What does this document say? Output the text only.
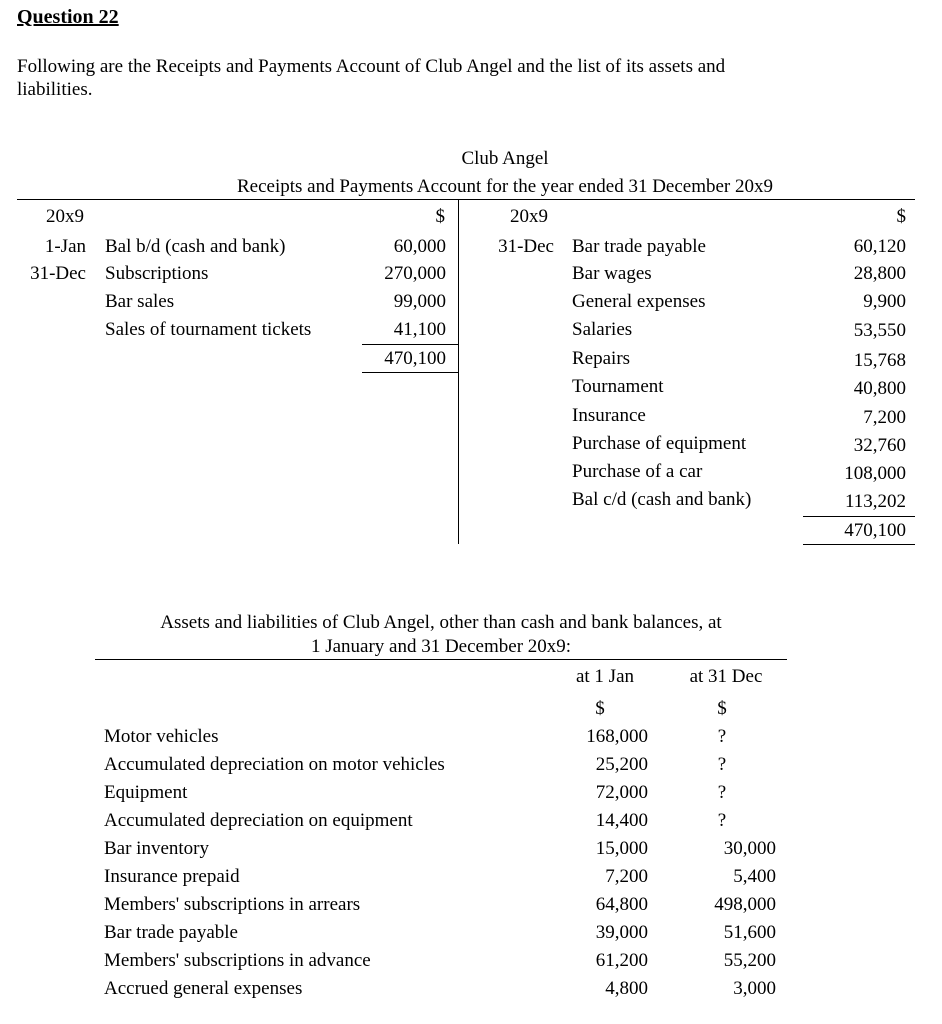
Question 22
Following are the Receipts and Payments Account of Club Angel and the list of its assets and
liabilities.
Club Angel
Receipts and Payments Account for the year ended 31 December 20x9
20x9	$	20x9	$
1-Jan Bal b/d (cash and bank)	60,000
31-Dec Subscriptions	270,000
Bar sales	99,000
Sales of tournament tickets	41,100
470,100
31-Dec Bar trade payable	60,120
Bar wages	28,800
General expenses	9,900
Salaries	53,550
Repairs	15,768
Tournament	40,800
Insurance	7,200
Purchase of equipment	32,760
Purchase of a car	108,000
Bal c/d (cash and bank)	113,202
470,100
Assets and liabilities of Club Angel, other than cash and bank balances, at
1 January and 31 December 20x9:
at 1 Jan	at 31 Dec
$	$
Motor vehicles	168,000	?
Accumulated depreciation on motor vehicles	25,200	?
Equipment	72,000	?
Accumulated depreciation on equipment	14,400	?
Bar inventory	15,000	30,000
Insurance prepaid	7,200	5,400
Members' subscriptions in arrears	64,800	498,000
Bar trade payable	39,000	51,600
Members' subscriptions in advance	61,200	55,200
Accrued general expenses	4,800	3,000
